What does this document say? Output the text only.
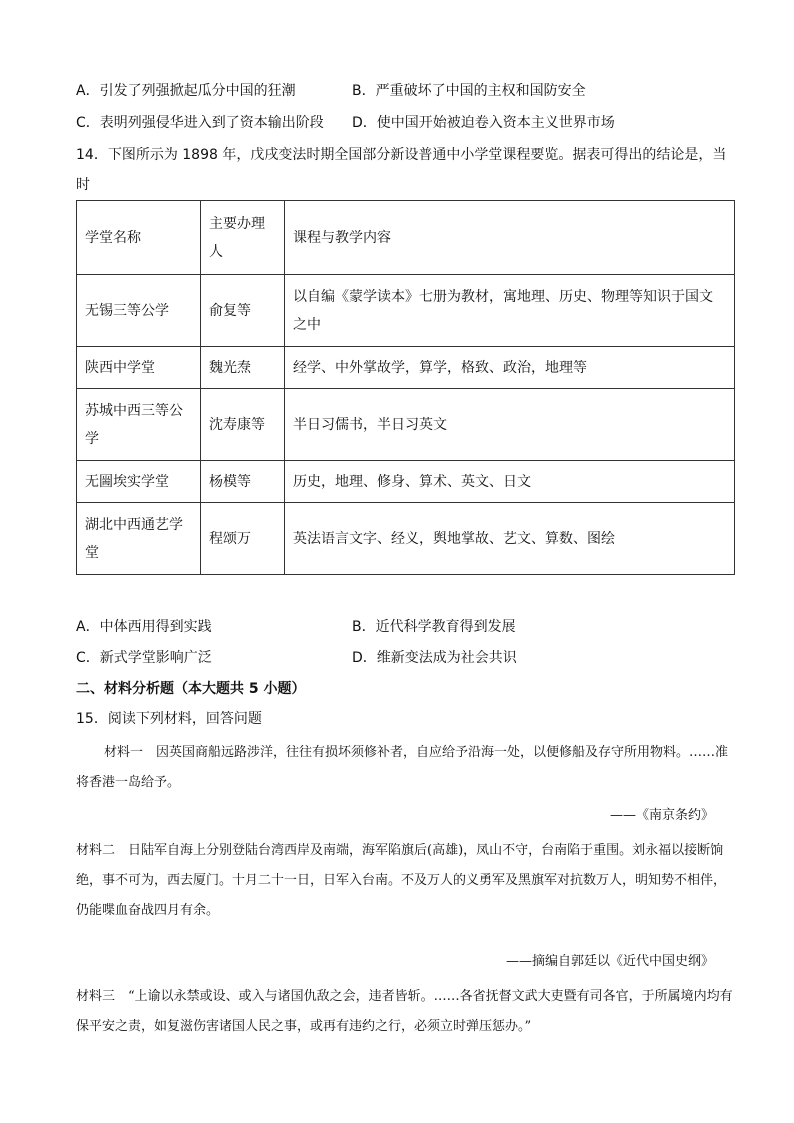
A．引发了列强掀起瓜分中国的狂潮	B．严重破坏了中国的主权和国防安全
C．表明列强侵华进入到了资本输出阶段 D．使中国开始被迫卷入资本主义世界市场
14．下图所示为 1898 年，戊戌变法时期全国部分新设普通中小学堂课程要览。据表可得出的结论是，当
时
学堂名称	主要办理人	课程与教学内容
无锡三等公学	俞复等	以自编《蒙学读本》七册为教材，寓地理、历史、物理等知识于国文之中
陕西中学堂	魏光焘	经学、中外掌故学，算学，格致、政治，地理等
苏城中西三等公学	沈寿康等	半日习儒书，半日习英文
无圌埃实学堂	杨模等	历史，地理、修身、算术、英文、日文
湖北中西通艺学堂	程颂万	英法语言文字、经义，舆地掌故、艺文、算数、图绘
A．中体西用得到实践	B．近代科学教育得到发展
C．新式学堂影响广泛	D．维新变法成为社会共识
二、材料分析题（本大题共 5 小题）
15．阅读下列材料，回答问题
材料一　因英国商船远路涉洋，往往有损坏须修补者，自应给予沿海一处，以便修船及存守所用物料。……准将香港一岛给予。
——《南京条约》
材料二　日陆军自海上分别登陆台湾西岸及南端，海军陷旗后(高雄)，凤山不守，台南陷于重围。刘永福以接断饷绝，事不可为，西去厦门。十月二十一日，日军入台南。不及万人的义勇军及黑旗军对抗数万人，明知势不相伴，仍能喋血奋战四月有余。
——摘编自郭廷以《近代中国史纲》
材料三　“上谕以永禁或设、或入与诸国仇敌之会，违者皆斩。……各省抚督文武大吏暨有司各官，于所属境内均有保平安之责，如复滋伤害诸国人民之事，或再有违约之行，必须立时弹压惩办。”
